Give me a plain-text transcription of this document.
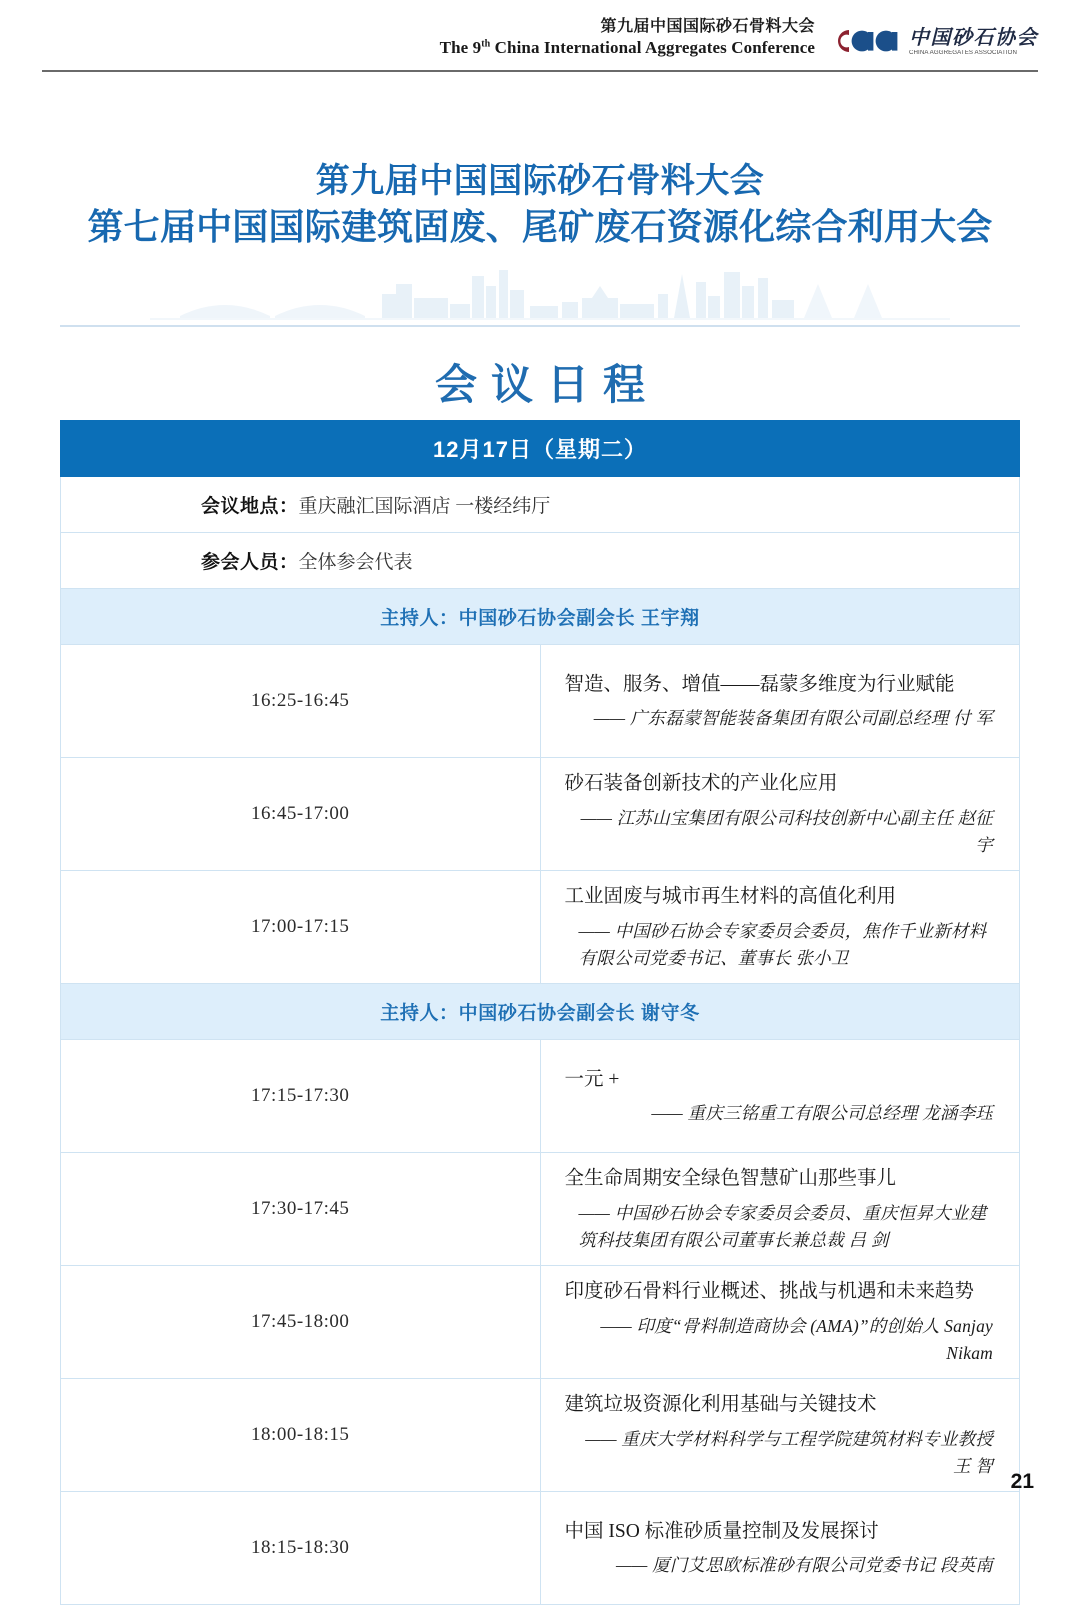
第九届中国国际砂石骨料大会
The 9th China International Aggregates Conference	中国砂石协会
CHINA AGGREGATES ASSOCIATION
第九届中国国际砂石骨料大会
第七届中国国际建筑固废、尾矿废石资源化综合利用大会
会议日程
12月17日（星期二）	
会议地点：重庆融汇国际酒店 一楼经纬厅	
参会人员：全体参会代表	
主持人：中国砂石协会副会长 王宇翔	
16:25-16:45	智造、服务、增值——磊蒙多维度为行业赋能
—— 广东磊蒙智能装备集团有限公司副总经理 付 军

16:45-17:00	砂石装备创新技术的产业化应用
—— 江苏山宝集团有限公司科技创新中心副主任 赵征宇

17:00-17:15	工业固废与城市再生材料的高值化利用
—— 中国砂石协会专家委员会委员，焦作千业新材料有限公司党委书记、董事长 张小卫

主持人：中国砂石协会副会长 谢守冬	
17:15-17:30	一元 +
—— 重庆三铭重工有限公司总经理 龙涵李珏

17:30-17:45	全生命周期安全绿色智慧矿山那些事儿
—— 中国砂石协会专家委员会委员、重庆恒昇大业建筑科技集团有限公司董事长兼总裁 吕 剑

17:45-18:00	印度砂石骨料行业概述、挑战与机遇和未来趋势
—— 印度“骨料制造商协会 (AMA)”的创始人 Sanjay Nikam

18:00-18:15	建筑垃圾资源化利用基础与关键技术
—— 重庆大学材料科学与工程学院建筑材料专业教授 王 智

18:15-18:30	中国 ISO 标准砂质量控制及发展探讨
—— 厦门艾思欧标准砂有限公司党委书记 段英南
21
